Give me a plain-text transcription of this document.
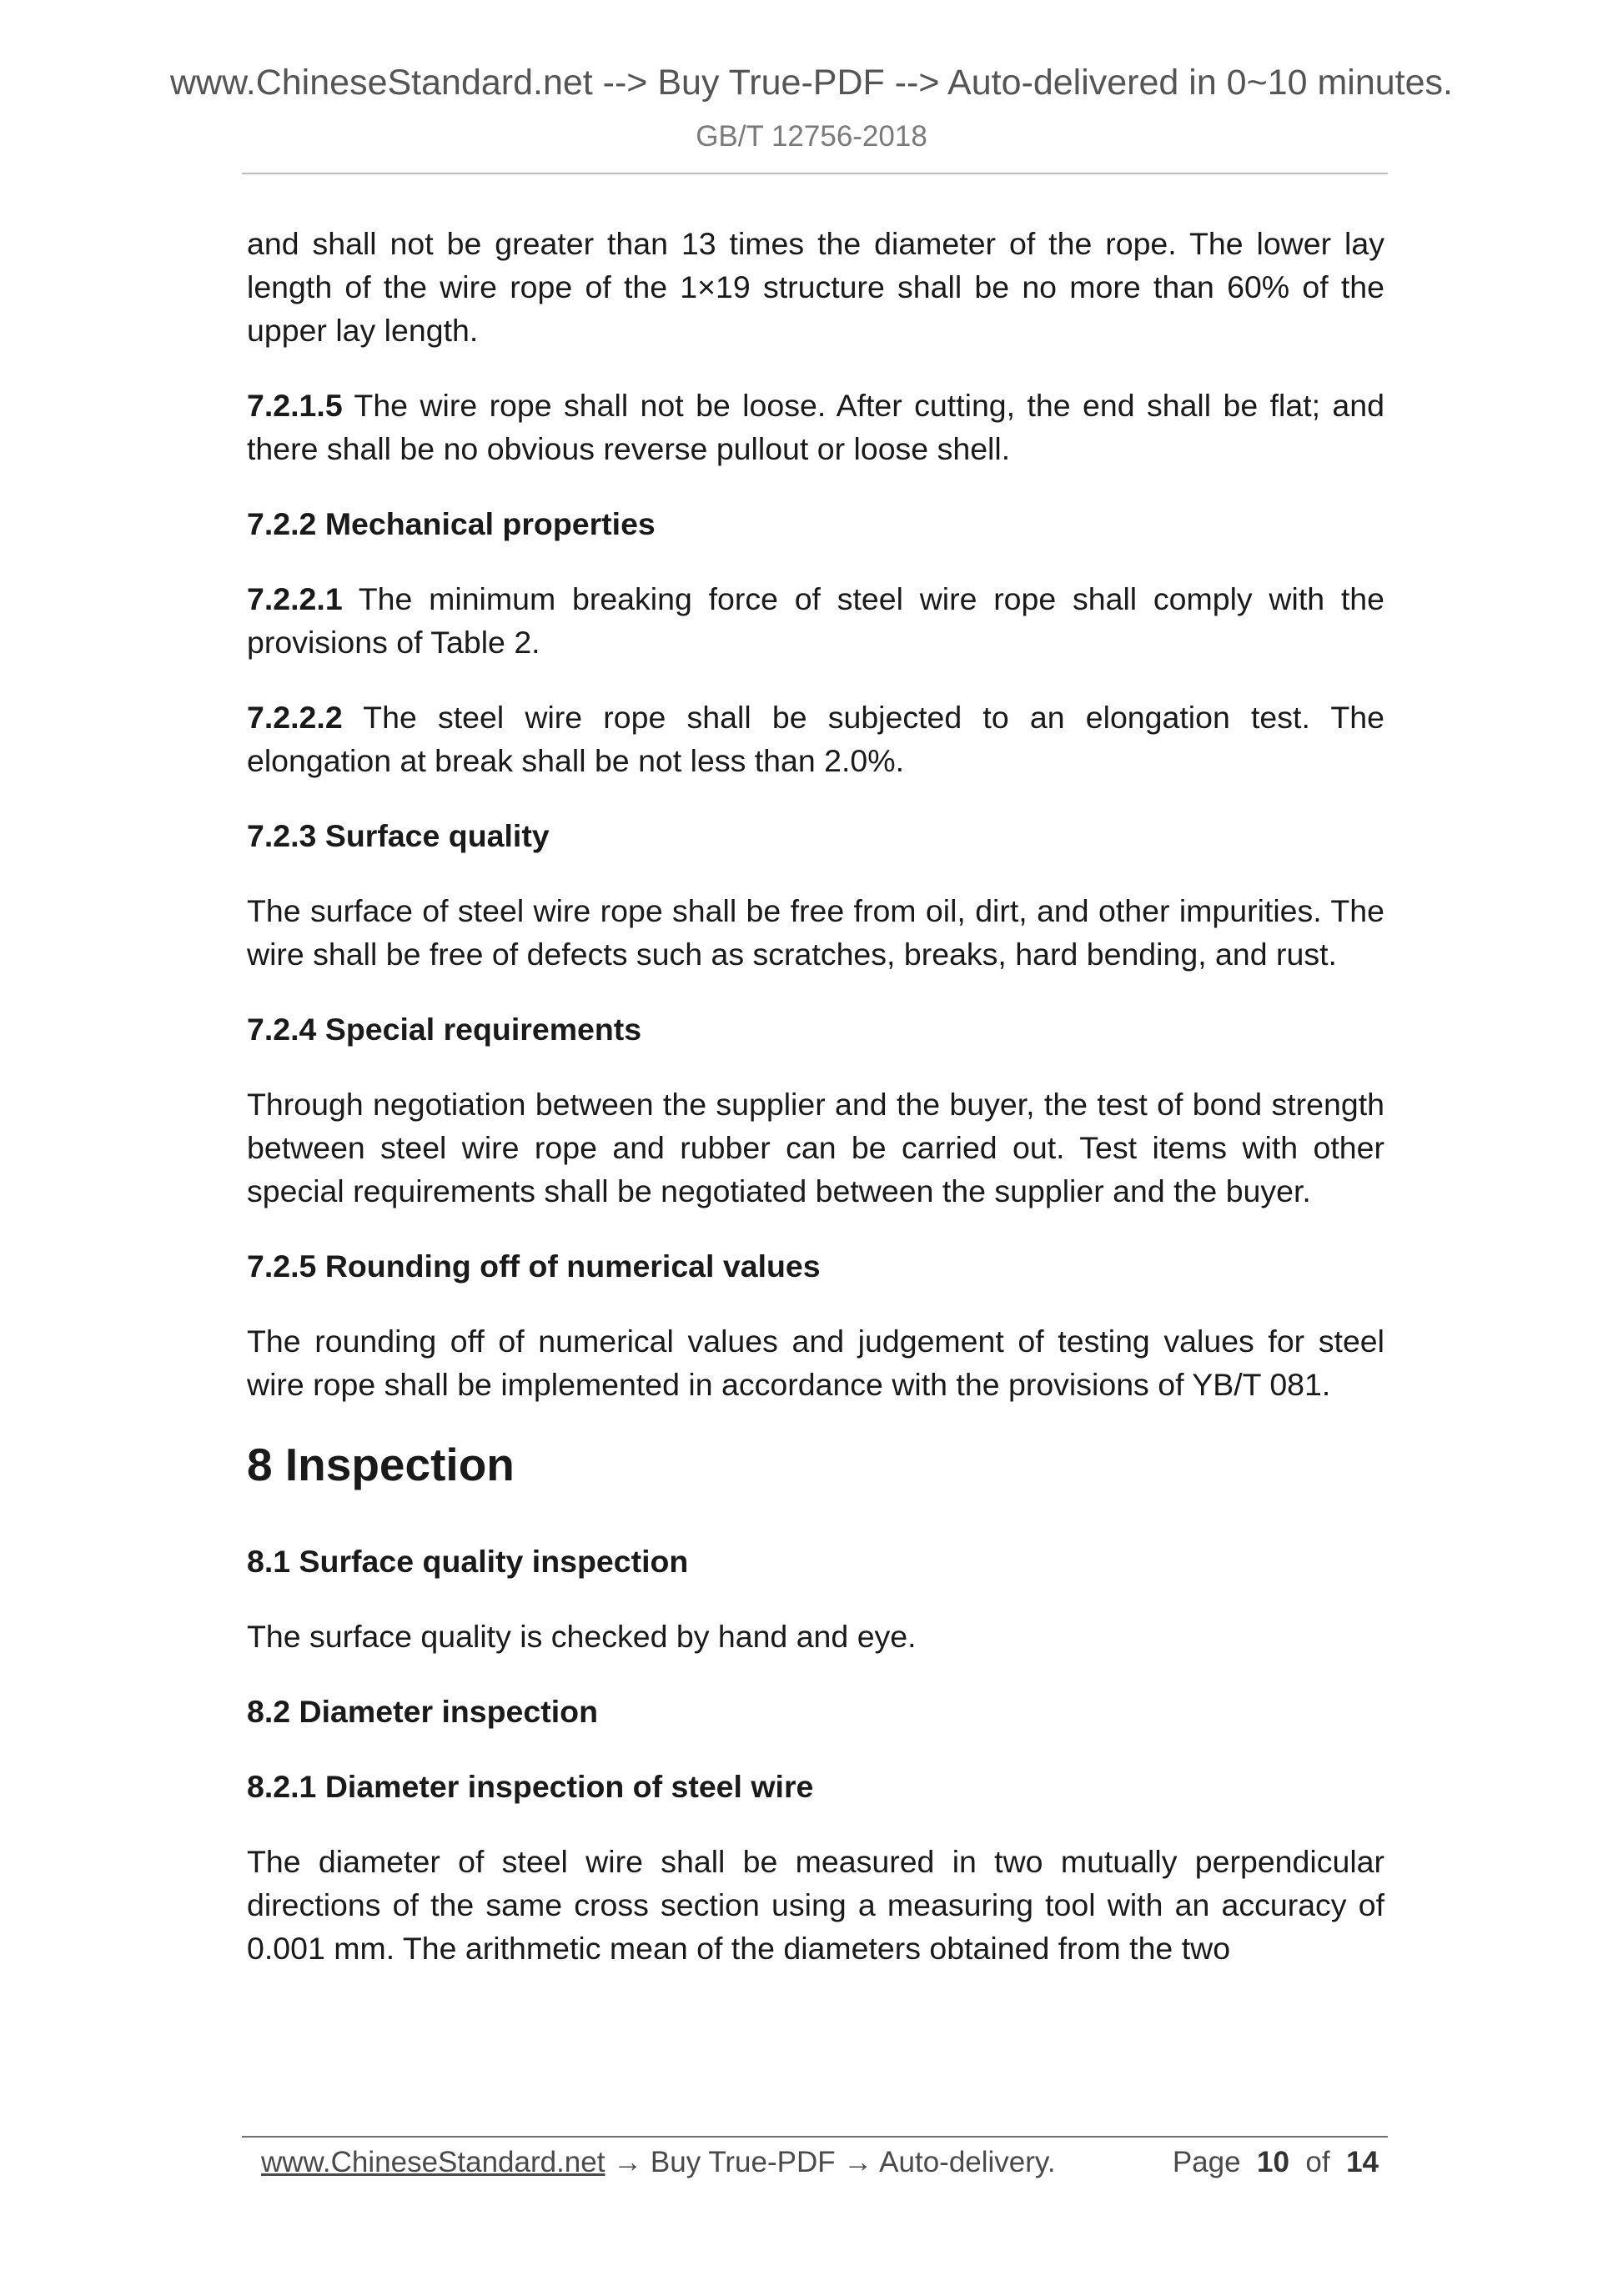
www.ChineseStandard.net --> Buy True-PDF --> Auto-delivered in 0~10 minutes.
GB/T 12756-2018

and shall not be greater than 13 times the diameter of the rope. The lower lay length of the wire rope of the 1×19 structure shall be no more than 60% of the upper lay length.

7.2.1.5 The wire rope shall not be loose. After cutting, the end shall be flat; and there shall be no obvious reverse pullout or loose shell.

7.2.2 Mechanical properties

7.2.2.1 The minimum breaking force of steel wire rope shall comply with the provisions of Table 2.

7.2.2.2 The steel wire rope shall be subjected to an elongation test. The elongation at break shall be not less than 2.0%.

7.2.3 Surface quality

The surface of steel wire rope shall be free from oil, dirt, and other impurities. The wire shall be free of defects such as scratches, breaks, hard bending, and rust.

7.2.4 Special requirements

Through negotiation between the supplier and the buyer, the test of bond strength between steel wire rope and rubber can be carried out. Test items with other special requirements shall be negotiated between the supplier and the buyer.

7.2.5 Rounding off of numerical values

The rounding off of numerical values and judgement of testing values for steel wire rope shall be implemented in accordance with the provisions of YB/T 081.

8 Inspection
8.1 Surface quality inspection

The surface quality is checked by hand and eye.

8.2 Diameter inspection
8.2.1 Diameter inspection of steel wire

The diameter of steel wire shall be measured in two mutually perpendicular directions of the same cross section using a measuring tool with an accuracy of 0.001 mm. The arithmetic mean of the diameters obtained from the two

www.ChineseStandard.net → Buy True-PDF → Auto-delivery.	Page 10 of 14
